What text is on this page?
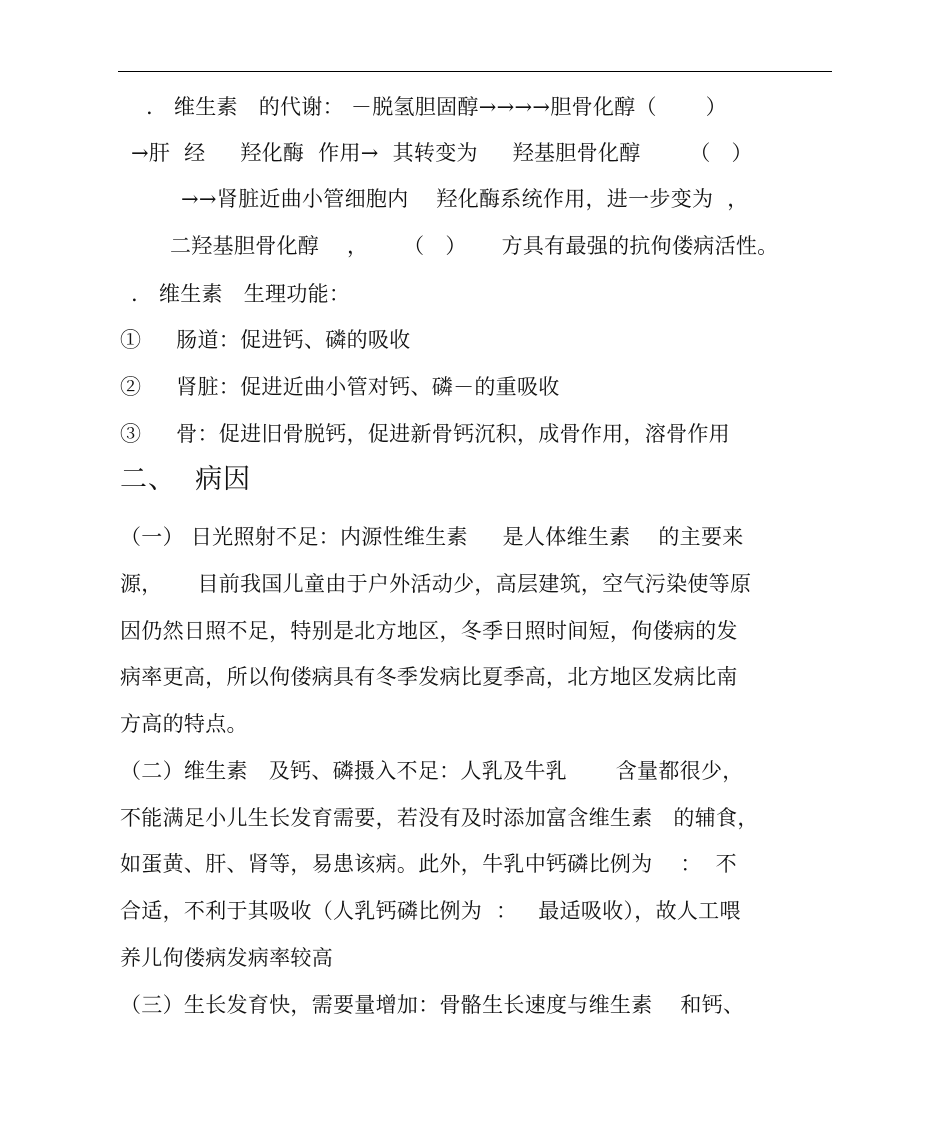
.   维生素   的代谢： －脱氢胆固醇→→→→胆骨化醇（       ）
→肝  经     羟化酶  作用→  其转变为     羟基胆骨化醇       （   ）
→→肾脏近曲小管细胞内    羟化酶系统作用，进一步变为  ，
二羟基胆骨化醇    ，     （   ）     方具有最强的抗佝偻病活性。
.   维生素   生理功能：
①     肠道：促进钙、磷的吸收
②     肾脏：促进近曲小管对钙、磷－的重吸收
③     骨：促进旧骨脱钙，促进新骨钙沉积，成骨作用，溶骨作用
二、  病因
（一） 日光照射不足：内源性维生素     是人体维生素    的主要来
源，     目前我国儿童由于户外活动少，高层建筑，空气污染使等原
因仍然日照不足，特别是北方地区，冬季日照时间短，佝偻病的发
病率更高，所以佝偻病具有冬季发病比夏季高，北方地区发病比南
方高的特点。
（二）维生素   及钙、磷摄入不足：人乳及牛乳       含量都很少，
不能满足小儿生长发育需要，若没有及时添加富含维生素   的辅食，
如蛋黄、肝、肾等，易患该病。此外，牛乳中钙磷比例为    ：  不
合适，不利于其吸收（人乳钙磷比例为  ：   最适吸收），故人工喂
养儿佝偻病发病率较高
（三）生长发育快，需要量增加：骨骼生长速度与维生素    和钙、
